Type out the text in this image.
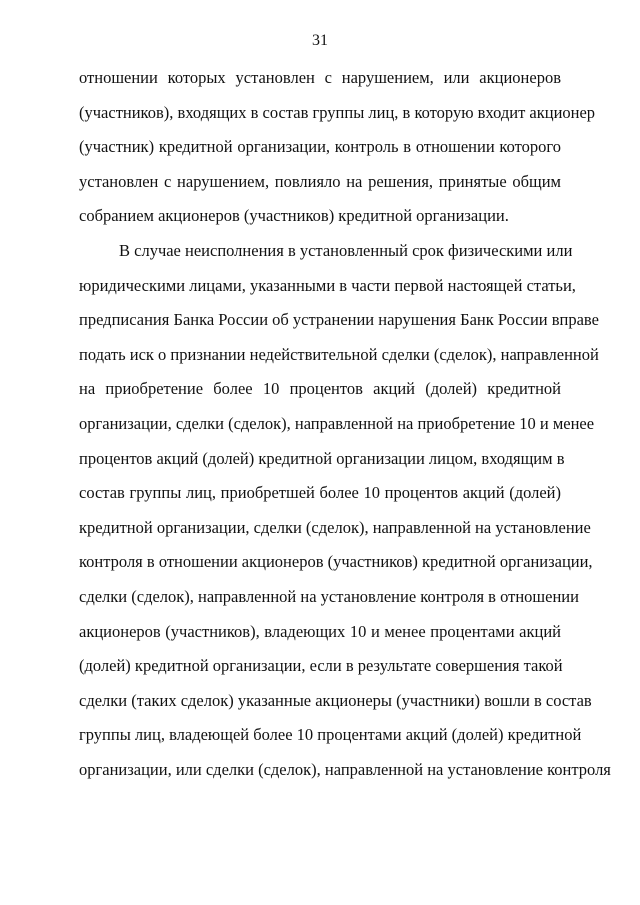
31
отношении которых установлен с нарушением, или акционеров
(участников), входящих в состав группы лиц, в которую входит акционер
(участник) кредитной организации, контроль в отношении которого
установлен с нарушением, повлияло на решения, принятые общим
собранием акционеров (участников) кредитной организации.
В случае неисполнения в установленный срок физическими или
юридическими лицами, указанными в части первой настоящей статьи,
предписания Банка России об устранении нарушения Банк России вправе
подать иск о признании недействительной сделки (сделок), направленной
на приобретение более 10 процентов акций (долей) кредитной
организации, сделки (сделок), направленной на приобретение 10 и менее
процентов акций (долей) кредитной организации лицом, входящим в
состав группы лиц, приобретшей более 10 процентов акций (долей)
кредитной организации, сделки (сделок), направленной на установление
контроля в отношении акционеров (участников) кредитной организации,
сделки (сделок), направленной на установление контроля в отношении
акционеров (участников), владеющих 10 и менее процентами акций
(долей) кредитной организации, если в результате совершения такой
сделки (таких сделок) указанные акционеры (участники) вошли в состав
группы лиц, владеющей более 10 процентами акций (долей) кредитной
организации, или сделки (сделок), направленной на установление контроля
